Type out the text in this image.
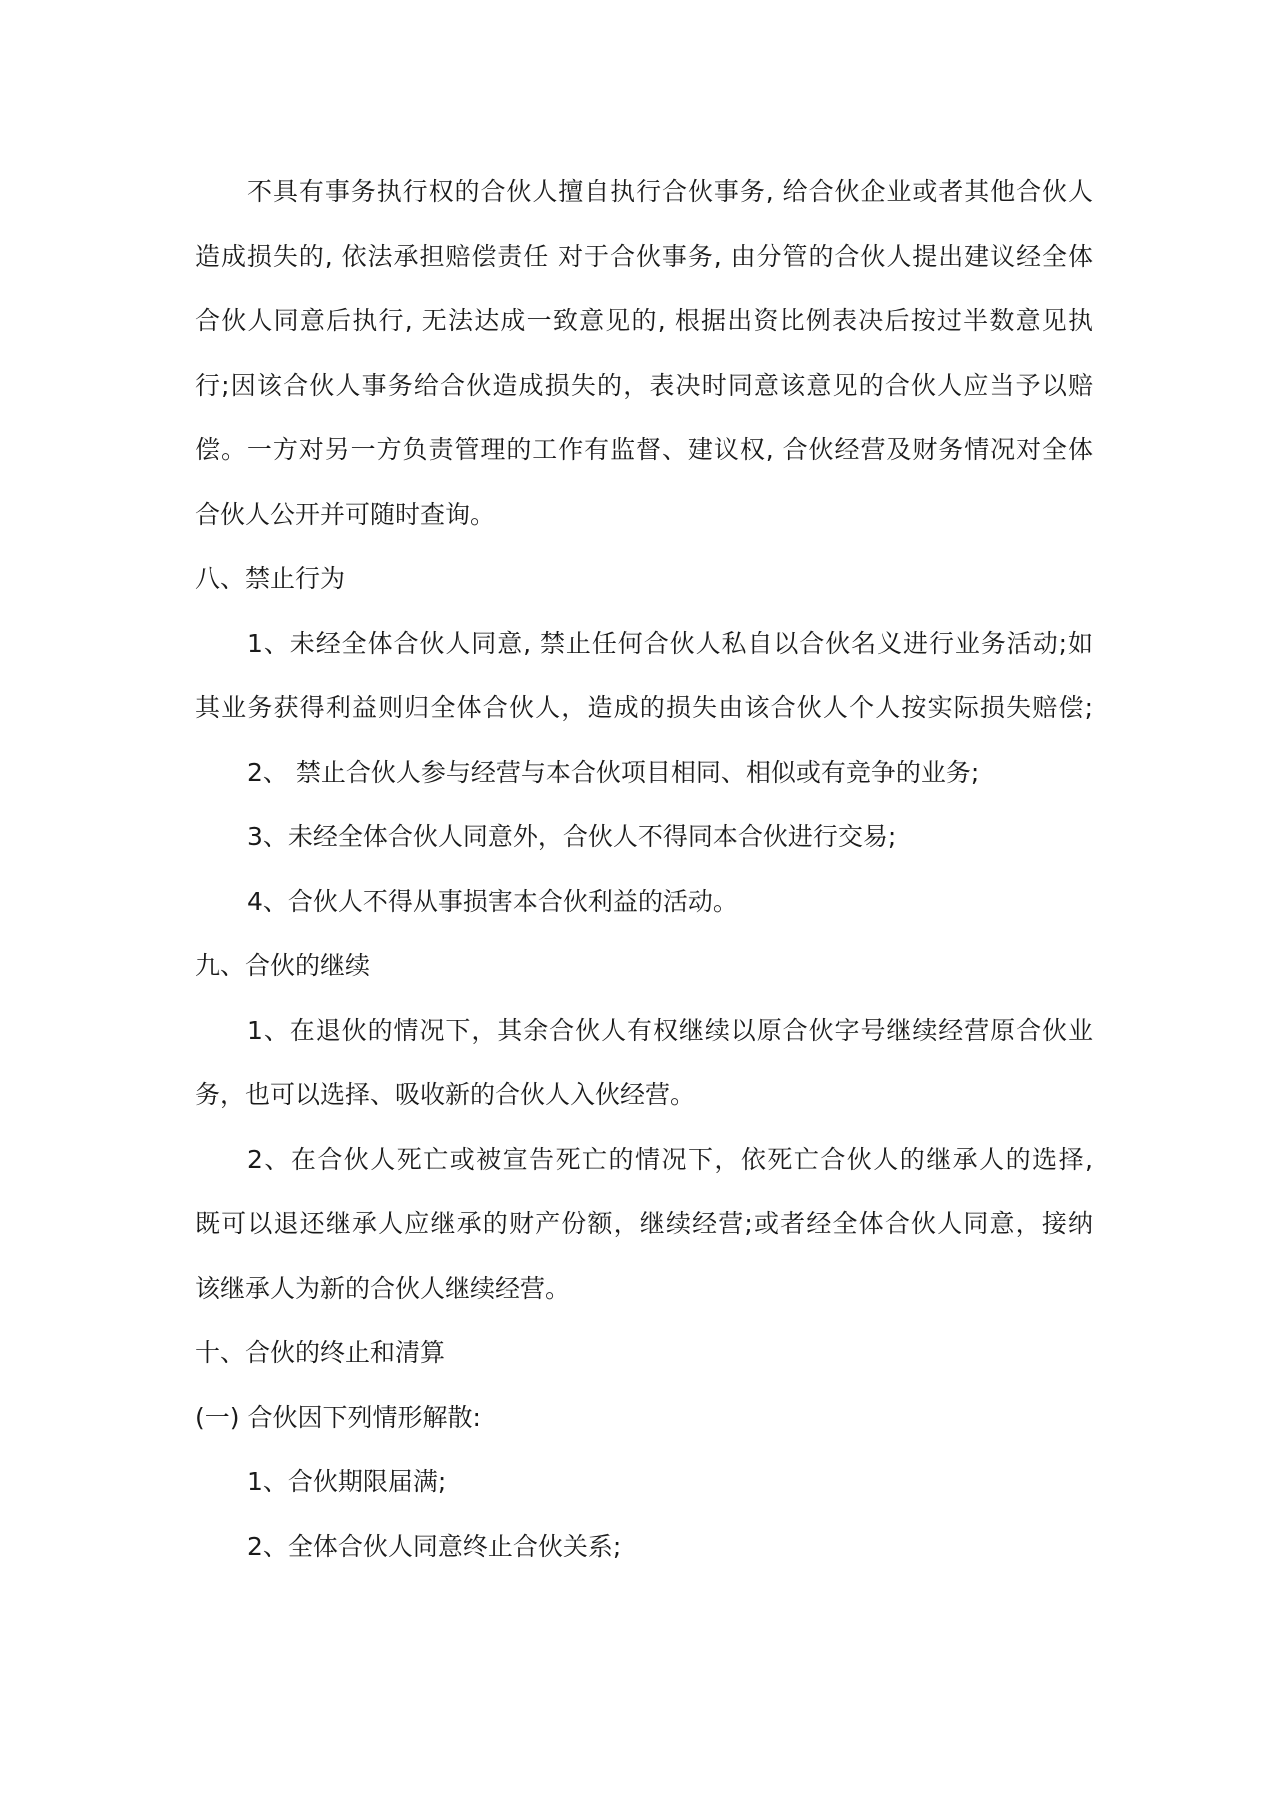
不具有事务执行权的合伙人擅自执行合伙事务, 给合伙企业或者其他合伙人
造成损失的, 依法承担赔偿责任 对于合伙事务, 由分管的合伙人提出建议经全体
合伙人同意后执行, 无法达成一致意见的, 根据出资比例表决后按过半数意见执
行;因该合伙人事务给合伙造成损失的，表决时同意该意见的合伙人应当予以赔
偿。一方对另一方负责管理的工作有监督、建议权, 合伙经营及财务情况对全体
合伙人公开并可随时查询。
八、禁止行为
1、未经全体合伙人同意, 禁止任何合伙人私自以合伙名义进行业务活动;如
其业务获得利益则归全体合伙人，造成的损失由该合伙人个人按实际损失赔偿;
2、 禁止合伙人参与经营与本合伙项目相同、相似或有竞争的业务;
3、未经全体合伙人同意外，合伙人不得同本合伙进行交易;
4、合伙人不得从事损害本合伙利益的活动。
九、合伙的继续
1、在退伙的情况下，其余合伙人有权继续以原合伙字号继续经营原合伙业
务，也可以选择、吸收新的合伙人入伙经营。
2、在合伙人死亡或被宣告死亡的情况下，依死亡合伙人的继承人的选择,
既可以退还继承人应继承的财产份额，继续经营;或者经全体合伙人同意，接纳
该继承人为新的合伙人继续经营。
十、合伙的终止和清算
(一) 合伙因下列情形解散:
1、合伙期限届满;
2、全体合伙人同意终止合伙关系;
